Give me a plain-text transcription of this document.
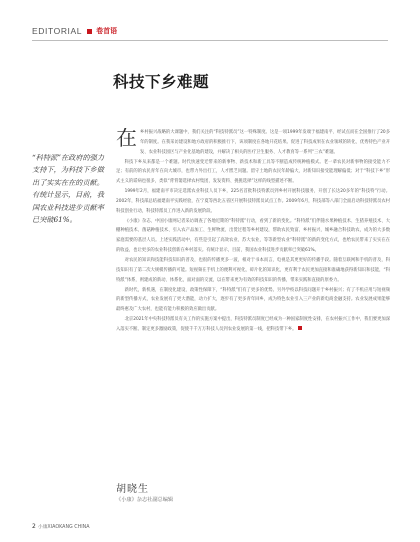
EDITORIAL 卷首语
科技下乡难题
“科特派”在政府的强力支持下，为科技下乡做出了实实在在的贡献。有统计显示，目前，我国农业科技进步贡献率已突破61%。

在乡村振兴战略的大课题中，我们关注的“科技特派员”这一特殊制度。这是一项1999年发端于福建南平、经试点而在全国推行了20多年的制度。在我采访建设和地方政府的积极推行下，该项制度在各地开花结果。促进了科技成果在农业领域的转化、优秀特色产业开发、农业科技园区与产业化基地的建设，并解决了相关的医疗卫生服务、人才教育等一系列“三农”难题。

科技下乡从来都是一个难题。时代快速变迁带来的新事物、新技术和新工具等不断造成传统种植模式。老一辈农民对新事物的接受能力不足；有前的的农民青年在向大城市，也带力外出打工，人才匮乏问题。留守土地的农民年龄偏大，对新知识接受能理解偏低；对于“科技下乡”形式主义的诟病也很多，类似“背背篓选择农村集团，发发资料、挑挑选择”这样的线型描述不断。

1999年2月，福建南平市决定选派农业科技人员下乡，225名首批科技特派员到乡村开展科技服务，开创了长达20多年的“科技特”行动。2002年，科技部总结福建南平实践经验，在宁夏等西北五省区开展科技特派员试点工作。2009年6月，科技部等八部门全面启动科技特派员农村科技创业行动，科技特派员工作进入新的发展阶段。

《小康》杂志、中国小康网记者采访调查了各地近期的“科特派”行动，看到了新的变化。“科特派”们伴随水果种植技术、生猪养殖技术、大棚种植技术、菌菇种植技术、引入农产品加工、生鲜物流、出货过程等乡村建设，帮助农民致富、乡村振兴、城乡融合科技助农，成为的大多数家庭需要的基层人员。上述实践活动中，有些是引起了高效农业、苏大农业，等等新型农业“科特派”的新的变化方式，也给农民带来了实实在在的收益，也让更多的农业科技创新在乡村落实。有统计显示，目前，我国农业科技进步贡献率已突破61%。

对农民的知识和技能科技知识的普及，也很的传播更多一波，相对于书本而言，电视是其更更好的传播手段。随着互联网和手机的普及，科技知识有了第二次大规模传播的可能。短视频在手机上的便利可视化，碎片化的知识化，更有利于农民更加直接和准确地获得新知识和技能，“科特派”体系，则建成的新动、体系化，面对面的交流，以在带来更为有效的科技知识的传播，带来实践和直接的原委力。

新时代，新机遇，在制度化建设、政策性保障下，“科特派”们有了更多的优势。另外学校以科技问题开于乡村振兴；有了不机应用与短视频的新型传播方式，农业发展有了更大潜能，动力扩大，逐步有了更多青年回乡，成为特色农业引入三产业的新电商金融支持。农业发展成果能够最终惠及广大农村，也能有能力积极的效应做出贡献。

北京2021年中央科技特派员有关工作的实施方案中提出，科技特派员制度已经成为一种国家制度性安排，在农村振兴工作中，我们要更加深入落实不断。制定更多激励政策，促使千千万万科技人员到农业发展的第一线，把科技带下乡。

胡晓生
《小康》杂志社副总编辑
2 小康XIAOKANG CHINA
